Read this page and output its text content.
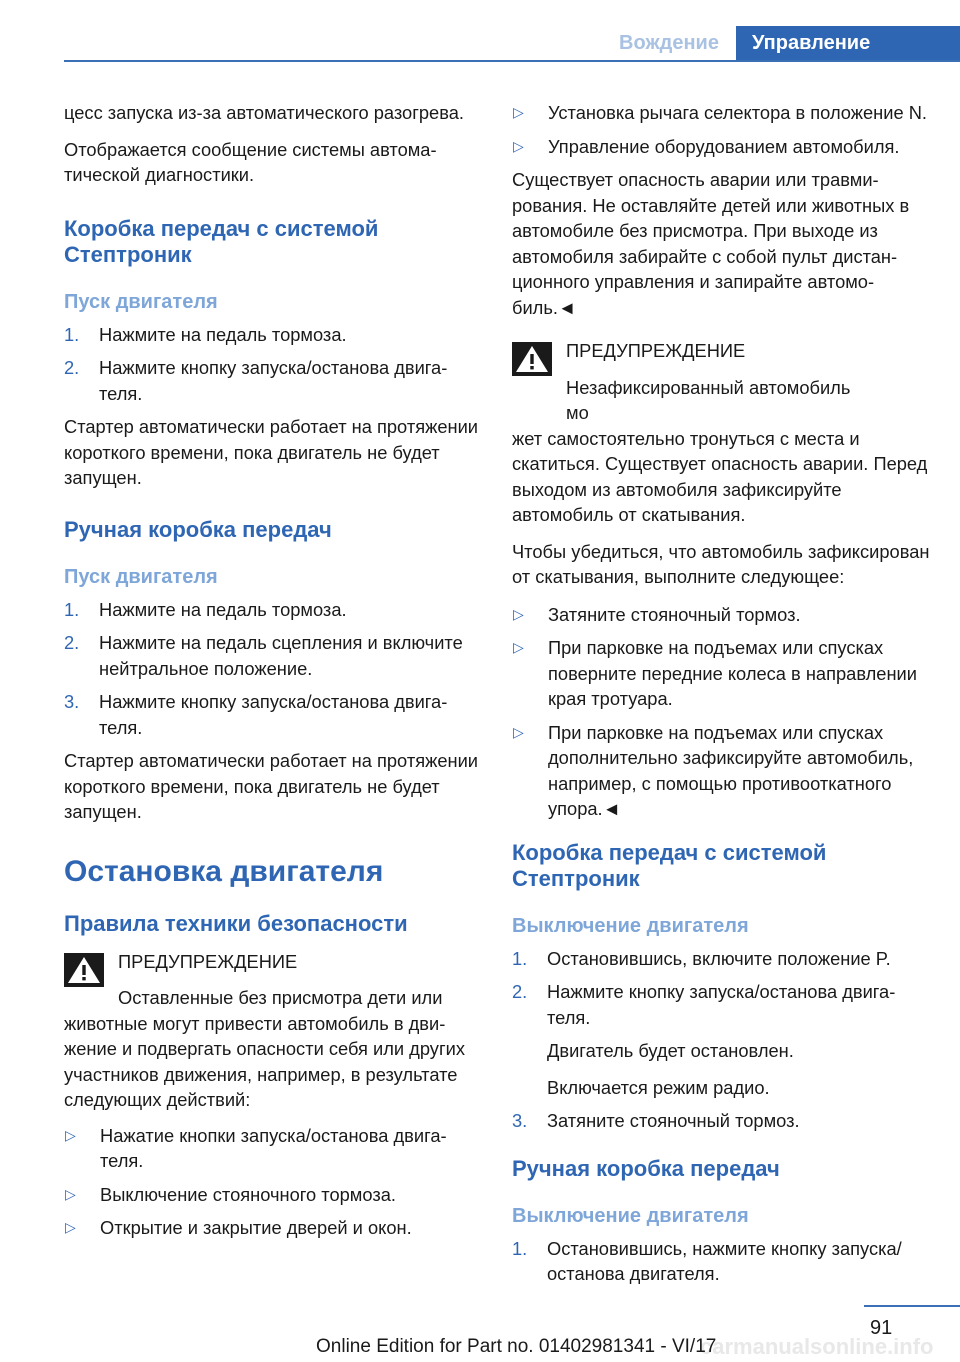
Вождение	Управление

цесс запуска из-за автоматического разогрева.

Отображается сообщение системы автоматической диагностики.

Коробка передач с системой Стептроник
Пуск двигателя
1.	Нажмите на педаль тормоза.
2.	Нажмите кнопку запуска/останова двигателя.

Стартер автоматически работает на протяжении короткого времени, пока двигатель не будет запущен.

Ручная коробка передач
Пуск двигателя
1.	Нажмите на педаль тормоза.
2.	Нажмите на педаль сцепления и включите нейтральное положение.
3.	Нажмите кнопку запуска/останова двигателя.

Стартер автоматически работает на протяжении короткого времени, пока двигатель не будет запущен.

Остановка двигателя
Правила техники безопасности

ПРЕДУПРЕЖДЕНИЕ

Оставленные без присмотра дети или

животные могут привести автомобиль в движение и подвергать опасности себя или других участников движения, например, в результате следующих действий:

▷	Нажатие кнопки запуска/останова двигателя.
▷	Выключение стояночного тормоза.
▷	Открытие и закрытие дверей и окон.
▷	Установка рычага селектора в положение N.
▷	Управление оборудованием автомобиля.

Существует опасность аварии или травмирования. Не оставляйте детей или животных в автомобиле без присмотра. При выходе из автомобиля забирайте с собой пульт дистанционного управления и запирайте автомобиль.◄

ПРЕДУПРЕЖДЕНИЕ

Незафиксированный автомобиль мо

жет самостоятельно тронуться с места и скатиться. Существует опасность аварии. Перед выходом из автомобиля зафиксируйте автомобиль от скатывания.

Чтобы убедиться, что автомобиль зафиксирован от скатывания, выполните следующее:

▷	Затяните стояночный тормоз.
▷	При парковке на подъемах или спусках поверните передние колеса в направлении края тротуара.
▷	При парковке на подъемах или спусках дополнительно зафиксируйте автомобиль, например, с помощью противооткатного упора.◄
Коробка передач с системой Стептроник
Выключение двигателя
1.	Остановившись, включите положение P.
2.	Нажмите кнопку запуска/останова двигателя.

Двигатель будет остановлен.

Включается режим радио.

3.	Затяните стояночный тормоз.
Ручная коробка передач
Выключение двигателя
1.	Остановившись, нажмите кнопку запуска/останова двигателя.
91
carmanualsonline.info
Online Edition for Part no. 01402981341 - VI/17
